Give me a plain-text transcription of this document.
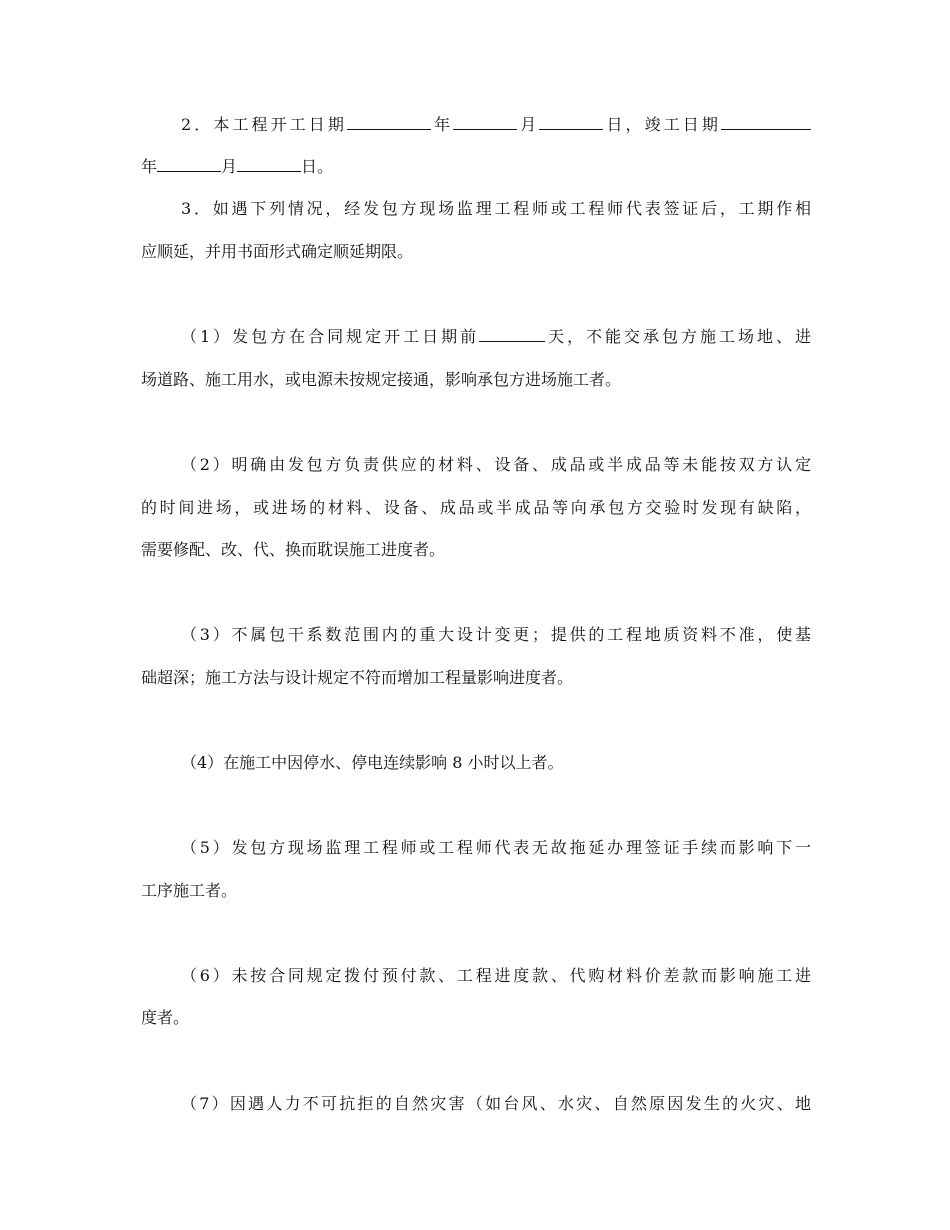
2．本工程开工日期	年	月	日，竣工日期
年	月	日。
3．如遇下列情况，经发包方现场监理工程师或工程师代表签证后，工期作相
应顺延，并用书面形式确定顺延期限。
（1）发包方在合同规定开工日期前	天，不能交承包方施工场地、进
场道路、施工用水，或电源未按规定接通，影响承包方进场施工者。
（2）明确由发包方负责供应的材料、设备、成品或半成品等未能按双方认定
的时间进场，或进场的材料、设备、成品或半成品等向承包方交验时发现有缺陷，
需要修配、改、代、换而耽误施工进度者。
（3）不属包干系数范围内的重大设计变更；提供的工程地质资料不准，使基
础超深；施工方法与设计规定不符而增加工程量影响进度者。
（4）在施工中因停水、停电连续影响 8 小时以上者。
（5）发包方现场监理工程师或工程师代表无故拖延办理签证手续而影响下一
工序施工者。
（6）未按合同规定拨付预付款、工程进度款、代购材料价差款而影响施工进
度者。
（7）因遇人力不可抗拒的自然灾害（如台风、水灾、自然原因发生的火灾、地
